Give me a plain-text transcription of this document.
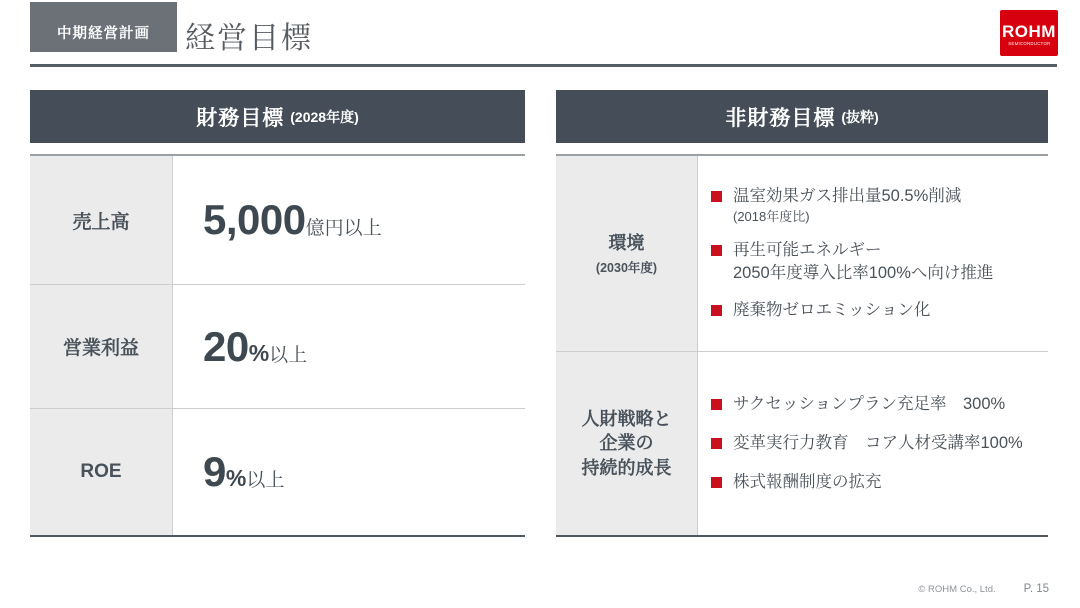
中期経営計画 経営目標	ROHM
SEMICONDUCTOR
財務目標 (2028年度)
売上高 5,000 億円以上
営業利益 20 % 以上
ROE 9 % 以上
非財務目標 (抜粋)
環境
(2030年度)
温室効果ガス排出量50.5%削減
(2018年度比)
再生可能エネルギー
2050年度導入比率100%へ向け推進
廃棄物ゼロエミッション化
人財戦略と
企業の
持続的成長
サクセッションプラン充足率　300%
変革実行力教育　コア人材受講率100%
株式報酬制度の拡充
© ROHM Co., Ltd. P. 15
